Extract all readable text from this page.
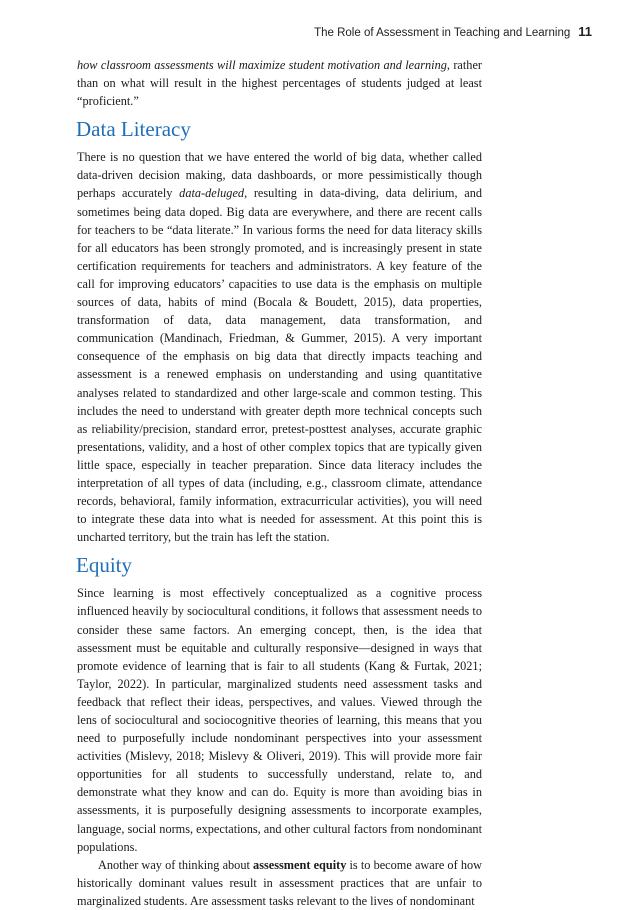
The Role of Assessment in Teaching and Learning 11

how classroom assessments will maximize student motivation and learning, rather than on what will result in the highest percentages of students judged at least “proficient.”

Data Literacy

There is no question that we have entered the world of big data, whether called data-driven decision making, data dashboards, or more pessimistically though perhaps accurately data-deluged, resulting in data-diving, data delirium, and sometimes being data doped. Big data are everywhere, and there are recent calls for teachers to be “data literate.” In various forms the need for data literacy skills for all educators has been strongly promoted, and is increasingly present in state certification requirements for teachers and administrators. A key feature of the call for improving educators’ capacities to use data is the emphasis on multiple sources of data, habits of mind (Bocala & Boudett, 2015), data properties, transformation of data, data management, data transformation, and communication (Mandinach, Friedman, & Gummer, 2015). A very important consequence of the emphasis on big data that directly impacts teaching and assessment is a renewed emphasis on understanding and using quantitative analyses related to standardized and other large-scale and common testing. This includes the need to understand with greater depth more technical concepts such as reliability/precision, standard error, pretest-posttest analyses, accurate graphic presentations, validity, and a host of other complex topics that are typically given little space, especially in teacher preparation. Since data literacy includes the interpretation of all types of data (including, e.g., classroom climate, attendance records, behavioral, family information, extracurricular activities), you will need to integrate these data into what is needed for assessment. At this point this is uncharted territory, but the train has left the station.

Equity

Since learning is most effectively conceptualized as a cognitive process influenced heavily by sociocultural conditions, it follows that assessment needs to consider these same factors. An emerging concept, then, is the idea that assessment must be equitable and culturally responsive—designed in ways that promote evidence of learning that is fair to all students (Kang & Furtak, 2021; Taylor, 2022). In particular, marginalized students need assessment tasks and feedback that reflect their ideas, perspectives, and values. Viewed through the lens of sociocultural and sociocognitive theories of learning, this means that you need to purposefully include nondominant perspectives into your assessment activities (Mislevy, 2018; Mislevy & Oliveri, 2019). This will provide more fair opportunities for all students to successfully understand, relate to, and demonstrate what they know and can do. Equity is more than avoiding bias in assessments, it is purposefully designing assessments to incorporate examples, language, social norms, expectations, and other cultural factors from nondominant populations.

Another way of thinking about assessment equity is to become aware of how historically dominant values result in assessment practices that are unfair to marginalized students. Are assessment tasks relevant to the lives of nondominant
